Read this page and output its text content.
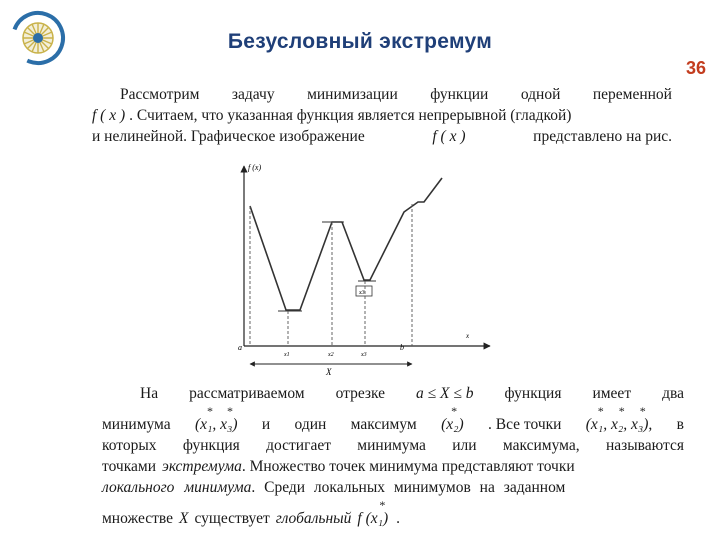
Безусловный экстремум
36
Рассмотрим задачу минимизации функции одной переменной
f ( x ) . Считаем, что указанная функция является непрерывной (гладкой)
и нелинейной. Графическое изображение	f ( x )	представлено на рис.
f (x)
x
x3
a
x1	x2	x3
b
X
На рассматриваемом отрезке a ≤ X ≤ b функция имеет два
минимума
* *
(x₁, x₃) и один максимум
*
(x₂) . Все точки
* * *
(x₁, x₂, x₃), в
которых функция достигает минимума или максимума, называются
точками экстремума . Множество точек минимума представляют точки
локального минимума . Среди локальных минимумов на заданном
множестве X существует глобальный
*
f (x₁) .
